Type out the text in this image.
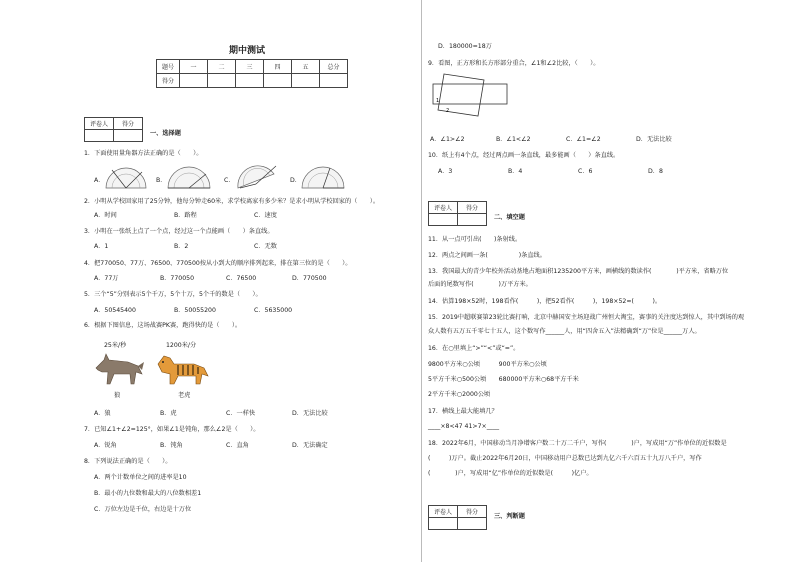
期中测试
题号	一	二	三	四	五	总分
得分						
评卷人	得分

一、选择题
1．下面使用量角器方法正确的是（　　）。
A．	B．	C．	D．
2．小明从学校回家用了25分钟，他每分钟走60米，求学校离家有多少米？是求小明从学校回家的（　　）。
A．时间	B．路程	C．速度
3．小明在一张纸上点了一个点，经过这一个点能画（　　）条直线。
A．1	B．2	C．无数
4．把770050、77万、76500、770500按从小到大的顺序排列起来，排在第三位的是（　　）。
A．77万	B．770050	C．76500	D．770500
5．三个“5”分别表示5个千万，5个十万，5个千的数是（　　）。
A．50545400	B．50055200	C．5635000
6．根据下图信息，这场战赛PK赛，跑得快的是（　　）。
25米/秒	1200米/分
狼	老虎
A．狼	B．虎	C．一样快	D．无法比较
7．已知∠1+∠2=125°，如果∠1是钝角，那么∠2是（　　）。
A．锐角	B．钝角	C．直角	D．无法确定
8．下列说法正确的是（　　）。
A．两个计数单位之间的进率是10
B．最小的九位数和最大的八位数相差1
C．万位左边是千位，右边是十万位
D．180000=18万
9．看图，正方形和长方形部分重合，∠1和∠2比较，（　　）。
1
2
A．∠1>∠2	B．∠1<∠2	C．∠1=∠2	D．无法比较
10．纸上有4个点，经过两点画一条直线，最多能画（　　）条直线。
A．3	B．4	C．6	D．8
评卷人	得分

二、填空题
11．从一点可引出(　　)条射线。
12．两点之间画一条(　　　　　)条直线。
13．我国最大的青少年校外活动基地占地面积1235200平方米，画横线的数读作(　　　　)平方米，省略万位
后面的尾数写作(　　　　)万平方米。
14．估算198×52时，198看作(　　　)，把52看作(　　　)，198×52≈(　　　)。
15．2019中超联赛第23轮比赛打响，北京中赫国安主场迎战广州恒大淘宝，赛事的关注度达到惊人，其中到场的观
众人数有五万五千零七十五人，这个数写作______人，用“四舍五入”法精确到“万”位是______万人。
16．在○里填上“>”“<”或“=”。
9800平方米○公顷　　　900平方米○公顷
5平方千米○500公顷　　680000平方米○68平方千米
2平方千米○2000公顷
17．横线上最大能填几？
____×8<47 41>7×____
18．2022年6月，中国移动当月净增客户数二十万二千户，写作(　　　　)户，写成用“万”作单位的近似数是
(　　　)万户。截止2022年6月20日，中国移动用户总数已达到九亿六千六百五十九万八千户，写作
(　　　　)户，写成用“亿”作单位的近似数是(　　　)亿户。
评卷人	得分

三、判断题
